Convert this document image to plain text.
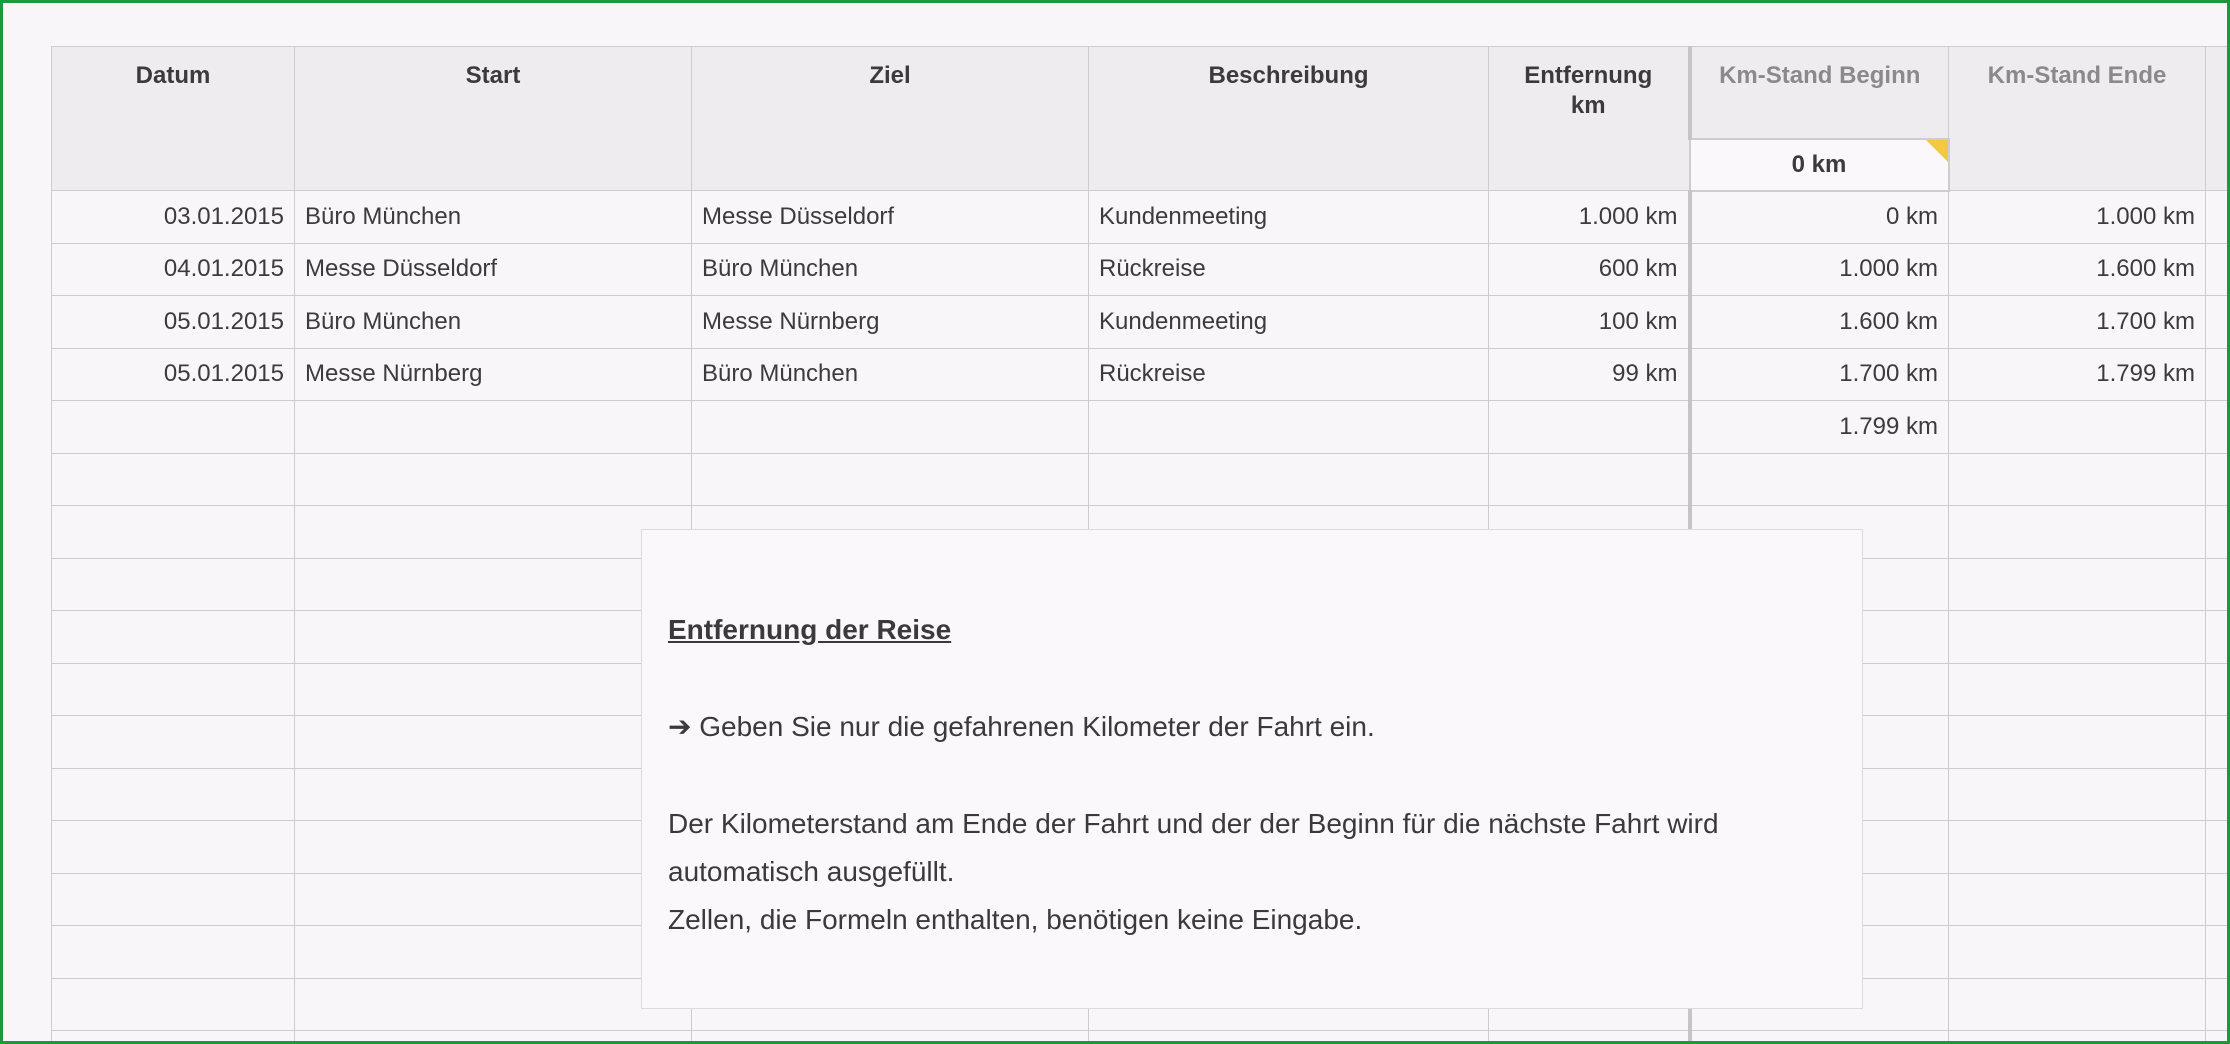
Datum	Start	Ziel	Beschreibung	Entfernung
km	Km-Stand Beginn	Km-Stand Ende	
					0 km

03.01.2015	Büro München	Messe Düsseldorf	Kundenmeeting	1.000 km	0 km	1.000 km	
04.01.2015	Messe Düsseldorf	Büro München	Rückreise	600 km	1.000 km	1.600 km	
05.01.2015	Büro München	Messe Nürnberg	Kundenmeeting	100 km	1.600 km	1.700 km	
05.01.2015	Messe Nürnberg	Büro München	Rückreise	99 km	1.700 km	1.799 km	
					1.799 km		

Entfernung der Reise

➔ Geben Sie nur die gefahrenen Kilometer der Fahrt ein.

Der Kilometerstand am Ende der Fahrt und der der Beginn für die nächste Fahrt wird automatisch ausgefüllt.

Zellen, die Formeln enthalten, benötigen keine Eingabe.
